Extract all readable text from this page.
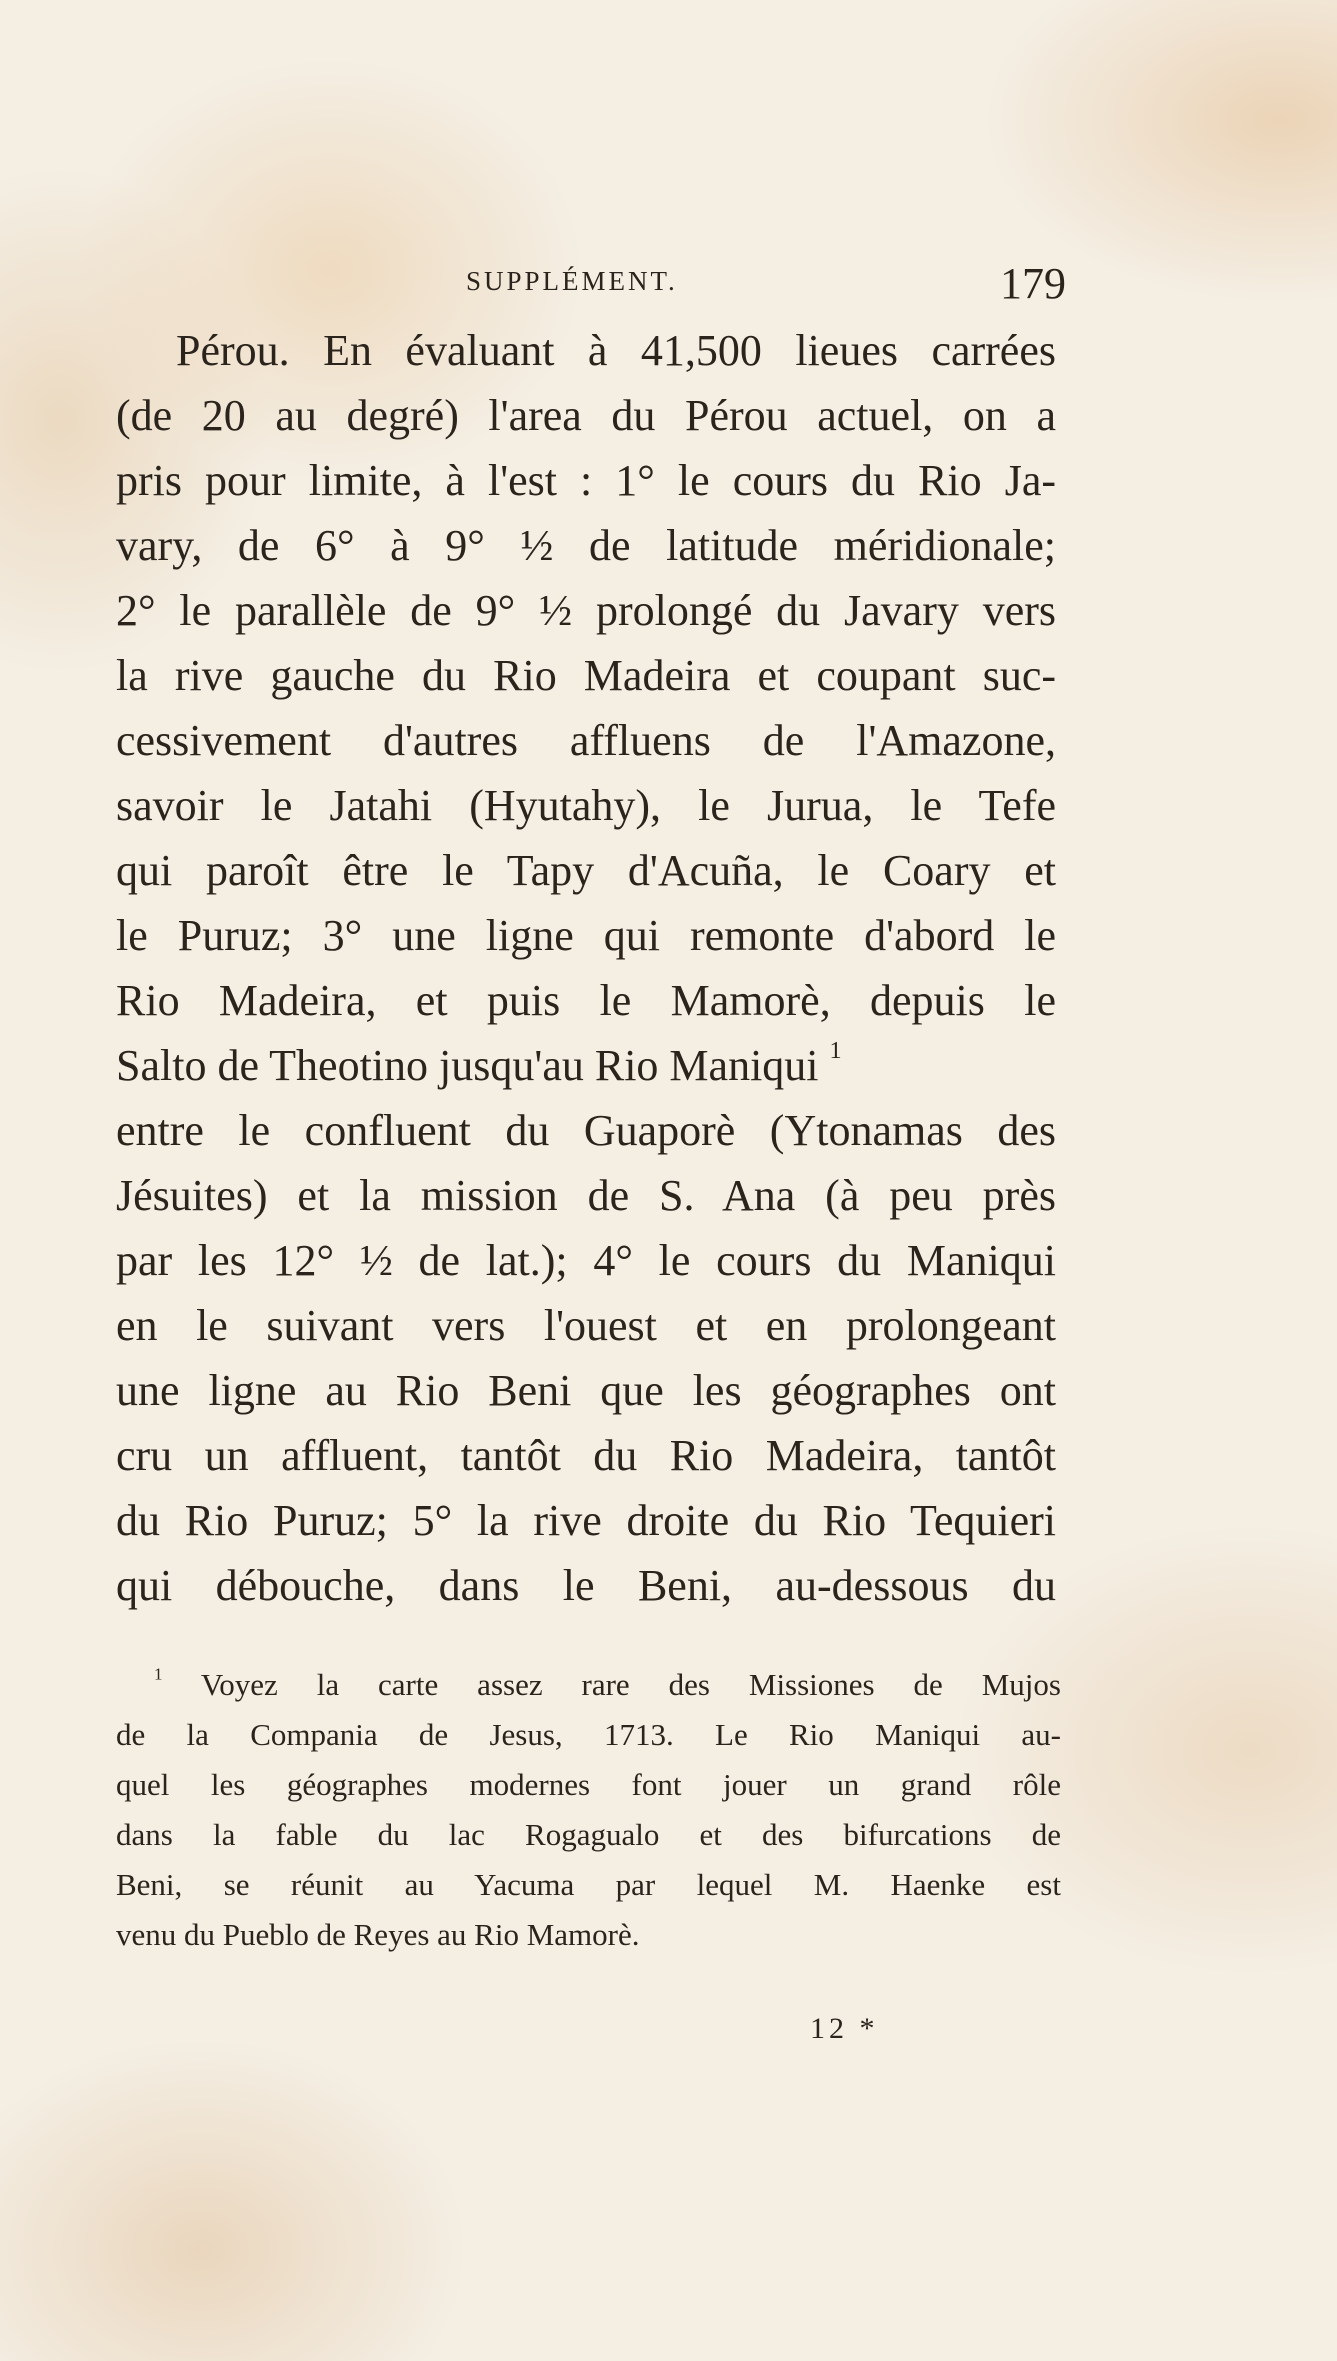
SUPPLÉMENT.	179
Pérou. En évaluant à 41,500 lieues carrées
(de 20 au degré) l'area du Pérou actuel, on a
pris pour limite, à l'est : 1° le cours du Rio Ja-
vary, de 6° à 9° ½ de latitude méridionale;
2° le parallèle de 9° ½ prolongé du Javary vers
la rive gauche du Rio Madeira et coupant suc-
cessivement d'autres affluens de l'Amazone,
savoir le Jatahi (Hyutahy), le Jurua, le Tefe
qui paroît être le Tapy d'Acuña, le Coary et
le Puruz; 3° une ligne qui remonte d'abord le
Rio Madeira, et puis le Mamorè, depuis le
Salto de Theotino jusqu'au Rio Maniqui $^1$
entre le confluent du Guaporè (Ytonamas des
Jésuites) et la mission de S. Ana (à peu près
par les 12° ½ de lat.); 4° le cours du Maniqui
en le suivant vers l'ouest et en prolongeant
une ligne au Rio Beni que les géographes ont
cru un affluent, tantôt du Rio Madeira, tantôt
du Rio Puruz; 5° la rive droite du Rio Tequieri
qui débouche, dans le Beni, au-dessous du
$^1$ Voyez la carte assez rare des Missiones de Mujos
de la Compania de Jesus, 1713. Le Rio Maniqui au-
quel les géographes modernes font jouer un grand rôle
dans la fable du lac Rogagualo et des bifurcations de
Beni, se réunit au Yacuma par lequel M. Haenke est
venu du Pueblo de Reyes au Rio Mamorè.
12 *
